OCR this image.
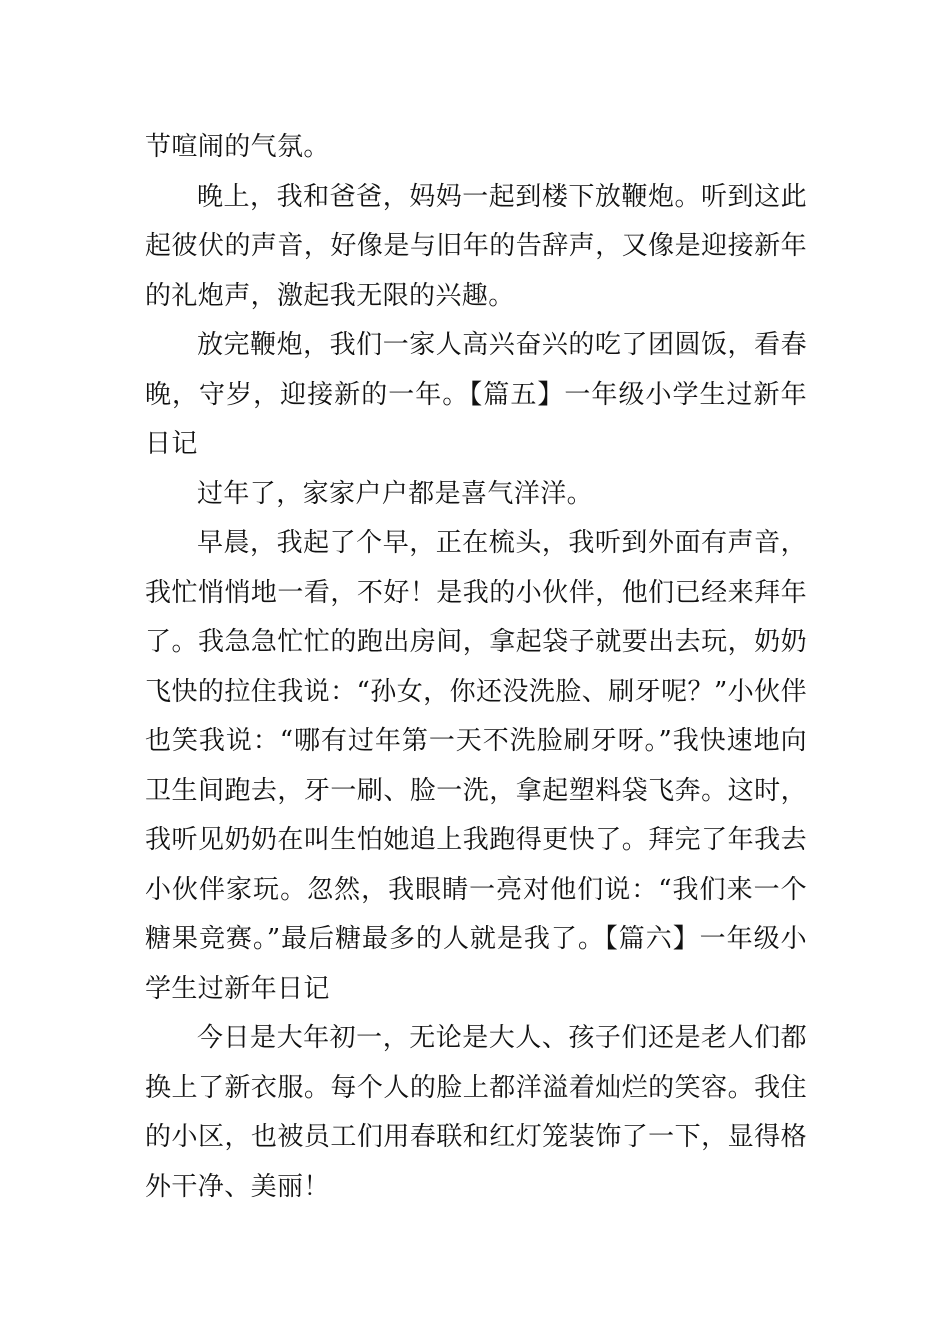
节喧闹的气氛。

晚上，我和爸爸，妈妈一起到楼下放鞭炮。听到这此起彼伏的声音，好像是与旧年的告辞声，又像是迎接新年的礼炮声，激起我无限的兴趣。

放完鞭炮，我们一家人高兴奋兴的吃了团圆饭，看春晚，守岁，迎接新的一年。【篇五】一年级小学生过新年日记

过年了，家家户户都是喜气洋洋。

早晨，我起了个早，正在梳头，我听到外面有声音，我忙悄悄地一看，不好！是我的小伙伴，他们已经来拜年了。我急急忙忙的跑出房间，拿起袋子就要出去玩，奶奶飞快的拉住我说：“孙女，你还没洗脸、刷牙呢？”小伙伴也笑我说：“哪有过年第一天不洗脸刷牙呀。”我快速地向卫生间跑去，牙一刷、脸一洗，拿起塑料袋飞奔。这时，我听见奶奶在叫生怕她追上我跑得更快了。拜完了年我去小伙伴家玩。忽然，我眼睛一亮对他们说：“我们来一个糖果竞赛。”最后糖最多的人就是我了。【篇六】一年级小学生过新年日记

今日是大年初一，无论是大人、孩子们还是老人们都换上了新衣服。每个人的脸上都洋溢着灿烂的笑容。我住的小区，也被员工们用春联和红灯笼装饰了一下，显得格外干净、美丽！
